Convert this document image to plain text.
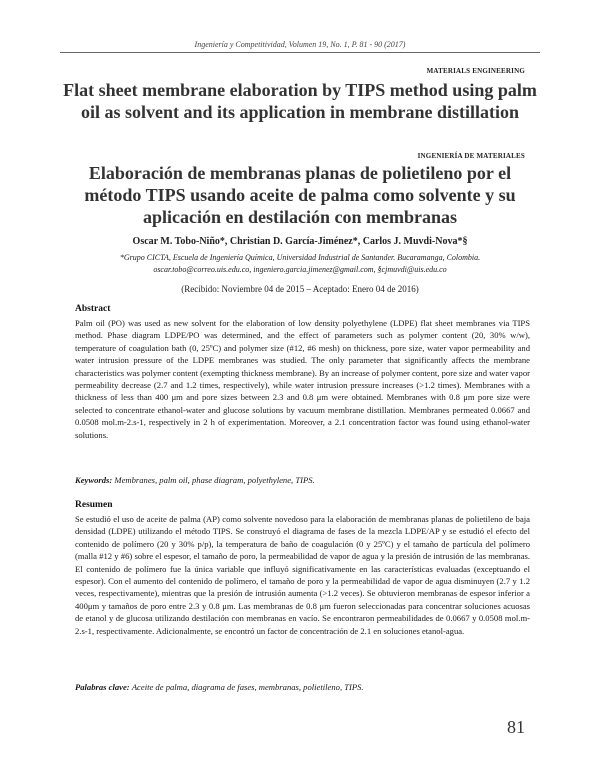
Ingeniería y Competitividad, Volumen 19, No. 1, P. 81 - 90 (2017)
MATERIALS ENGINEERING
Flat sheet membrane elaboration by TIPS method using palm oil as solvent and its application in membrane distillation
INGENIERÍA DE MATERIALES
Elaboración de membranas planas de polietileno por el método TIPS usando aceite de palma como solvente y su aplicación en destilación con membranas
Oscar M. Tobo-Niño*, Christian D. García-Jiménez*, Carlos J. Muvdi-Nova*§
*Grupo CICTA, Escuela de Ingeniería Química, Universidad Industrial de Santander. Bucaramanga, Colombia.
oscar.tobo@correo.uis.edu.co, ingeniero.garcia.jimenez@gmail.com, §cjmuvdi@uis.edu.co
(Recibido: Noviembre 04 de 2015 – Aceptado: Enero 04 de 2016)
Abstract
Palm oil (PO) was used as new solvent for the elaboration of low density polyethylene (LDPE) flat sheet membranes via TIPS method. Phase diagram LDPE/PO was determined, and the effect of parameters such as polymer content (20, 30% w/w), temperature of coagulation bath (0, 25ºC) and polymer size (#12, #6 mesh) on thickness, pore size, water vapor permeability and water intrusion pressure of the LDPE membranes was studied. The only parameter that significantly affects the membrane characteristics was polymer content (exempting thickness membrane). By an increase of polymer content, pore size and water vapor permeability decrease (2.7 and 1.2 times, respectively), while water intrusion pressure increases (>1.2 times). Membranes with a thickness of less than 400 μm and pore sizes between 2.3 and 0.8 μm were obtained. Membranes with 0.8 μm pore size were selected to concentrate ethanol-water and glucose solutions by vacuum membrane distillation. Membranes permeated 0.0667 and 0.0508 mol.m-2.s-1, respectively in 2 h of experimentation. Moreover, a 2.1 concentration factor was found using ethanol-water solutions.
Keywords: Membranes, palm oil, phase diagram, polyethylene, TIPS.
Resumen
Se estudió el uso de aceite de palma (AP) como solvente novedoso para la elaboración de membranas planas de polietileno de baja densidad (LDPE) utilizando el método TIPS. Se construyó el diagrama de fases de la mezcla LDPE/AP y se estudió el efecto del contenido de polímero (20 y 30% p/p), la temperatura de baño de coagulación (0 y 25ºC) y el tamaño de partícula del polímero (malla #12 y #6) sobre el espesor, el tamaño de poro, la permeabilidad de vapor de agua y la presión de intrusión de las membranas. El contenido de polímero fue la única variable que influyó significativamente en las características evaluadas (exceptuando el espesor). Con el aumento del contenido de polímero, el tamaño de poro y la permeabilidad de vapor de agua disminuyen (2.7 y 1.2 veces, respectivamente), mientras que la presión de intrusión aumenta (>1.2 veces). Se obtuvieron membranas de espesor inferior a 400μm y tamaños de poro entre 2.3 y 0.8 μm. Las membranas de 0.8 μm fueron seleccionadas para concentrar soluciones acuosas de etanol y de glucosa utilizando destilación con membranas en vacío. Se encontraron permeabilidades de 0.0667 y 0.0508 mol.m-2.s-1, respectivamente. Adicionalmente, se encontró un factor de concentración de 2.1 en soluciones etanol-agua.
Palabras clave: Aceite de palma, diagrama de fases, membranas, polietileno, TIPS.
81
